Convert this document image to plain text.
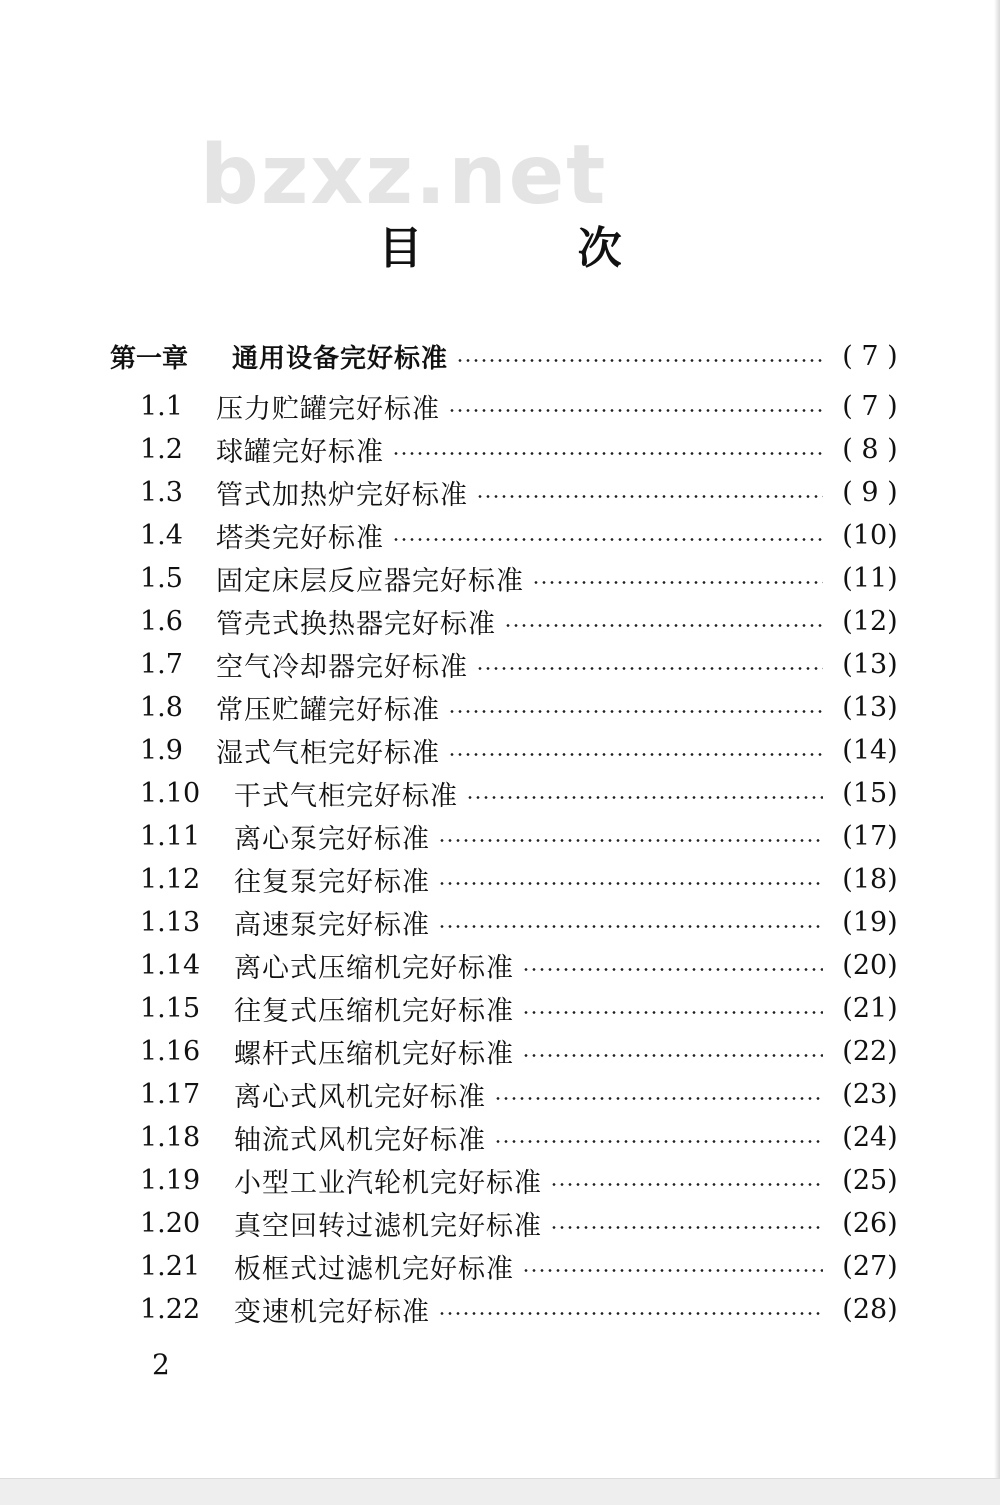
bzxz.net
目 次
第一章	通用设备完好标准	( 7 )
1.1	压力贮罐完好标准	( 7 )
1.2	球罐完好标准	( 8 )
1.3	管式加热炉完好标准	( 9 )
1.4	塔类完好标准	(10)
1.5	固定床层反应器完好标准	(11)
1.6	管壳式换热器完好标准	(12)
1.7	空气冷却器完好标准	(13)
1.8	常压贮罐完好标准	(13)
1.9	湿式气柜完好标准	(14)
1.10	干式气柜完好标准	(15)
1.11	离心泵完好标准	(17)
1.12	往复泵完好标准	(18)
1.13	高速泵完好标准	(19)
1.14	离心式压缩机完好标准	(20)
1.15	往复式压缩机完好标准	(21)
1.16	螺杆式压缩机完好标准	(22)
1.17	离心式风机完好标准	(23)
1.18	轴流式风机完好标准	(24)
1.19	小型工业汽轮机完好标准	(25)
1.20	真空回转过滤机完好标准	(26)
1.21	板框式过滤机完好标准	(27)
1.22	变速机完好标准	(28)
2
